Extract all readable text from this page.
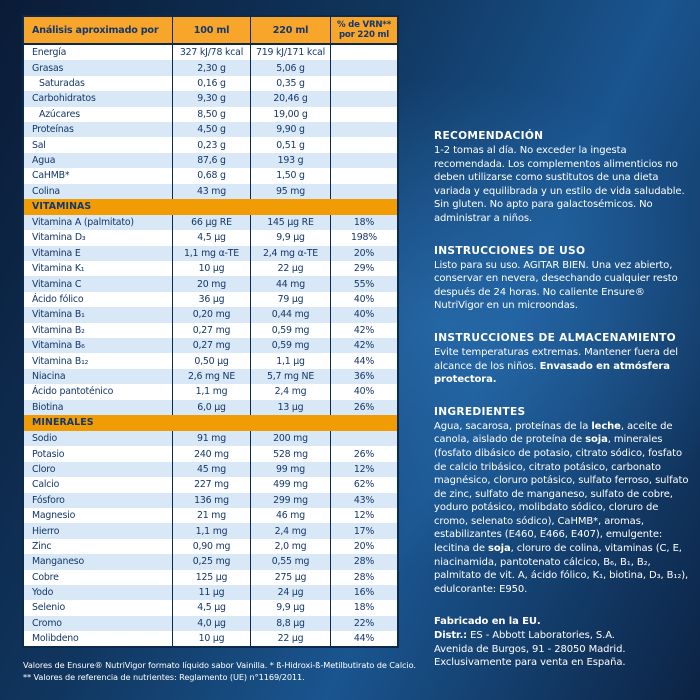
Análisis aproximado por	100 ml	220 ml	% de VRN**
por 220 ml
Energía	327 kJ/78 kcal	719 kJ/171 kcal
Grasas	2,30 g	5,06 g
Saturadas	0,16 g	0,35 g
Carbohidratos	9,30 g	20,46 g
Azúcares	8,50 g	19,00 g
Proteínas	4,50 g	9,90 g
Sal	0,23 g	0,51 g
Agua	87,6 g	193 g
CaHMB*	0,68 g	1,50 g
Colina	43 mg	95 mg
VITAMINAS
Vitamina A (palmitato)	66 µg RE	145 µg RE	18%
Vitamina D₃	4,5 µg	9,9 µg	198%
Vitamina E	1,1 mg α-TE	2,4 mg α-TE	20%
Vitamina K₁	10 µg	22 µg	29%
Vitamina C	20 mg	44 mg	55%
Ácido fólico	36 µg	79 µg	40%
Vitamina B₁	0,20 mg	0,44 mg	40%
Vitamina B₂	0,27 mg	0,59 mg	42%
Vitamina B₆	0,27 mg	0,59 mg	42%
Vitamina B₁₂	0,50 µg	1,1 µg	44%
Niacina	2,6 mg NE	5,7 mg NE	36%
Ácido pantoténico	1,1 mg	2,4 mg	40%
Biotina	6,0 µg	13 µg	26%
MINERALES
Sodio	91 mg	200 mg
Potasio	240 mg	528 mg	26%
Cloro	45 mg	99 mg	12%
Calcio	227 mg	499 mg	62%
Fósforo	136 mg	299 mg	43%
Magnesio	21 mg	46 mg	12%
Hierro	1,1 mg	2,4 mg	17%
Zinc	0,90 mg	2,0 mg	20%
Manganeso	0,25 mg	0,55 mg	28%
Cobre	125 µg	275 µg	28%
Yodo	11 µg	24 µg	16%
Selenio	4,5 µg	9,9 µg	18%
Cromo	4,0 µg	8,8 µg	22%
Molibdeno	10 µg	22 µg	44%
Valores de Ensure® NutriVigor formato líquido sabor Vainilla. * ß-Hidroxi-ß-Metilbutirato de Calcio.
** Valores de referencia de nutrientes: Reglamento (UE) n°1169/2011.
RECOMENDACIÓN

1-2 tomas al día. No exceder la ingesta recomendada. Los complementos alimenticios no deben utilizarse como sustitutos de una dieta variada y equilibrada y un estilo de vida saludable. Sin gluten. No apto para galactosémicos. No administrar a niños.

INSTRUCCIONES DE USO

Listo para su uso. AGITAR BIEN. Una vez abierto, conservar en nevera, desechando cualquier resto después de 24 horas. No caliente Ensure® NutriVigor en un microondas.

INSTRUCCIONES DE ALMACENAMIENTO

Evite temperaturas extremas. Mantener fuera del alcance de los niños. Envasado en atmósfera protectora.

INGREDIENTES

Agua, sacarosa, proteínas de la leche, aceite de canola, aislado de proteína de soja, minerales (fosfato dibásico de potasio, citrato sódico, fosfato de calcio tribásico, citrato potásico, carbonato magnésico, cloruro potásico, sulfato ferroso, sulfato de zinc, sulfato de manganeso, sulfato de cobre, yoduro potásico, molibdato sódico, cloruro de cromo, selenato sódico), CaHMB*, aromas, estabilizantes (E460, E466, E407), emulgente: lecitina de soja, cloruro de colina, vitaminas (C, E, niacinamida, pantotenato cálcico, B₆, B₁, B₂, palmitato de vit. A, ácido fólico, K₁, biotina, D₃, B₁₂), edulcorante: E950.

Fabricado en la EU.
Distr.: ES - Abbott Laboratories, S.A.
Avenida de Burgos, 91 - 28050 Madrid.
Exclusivamente para venta en España.
